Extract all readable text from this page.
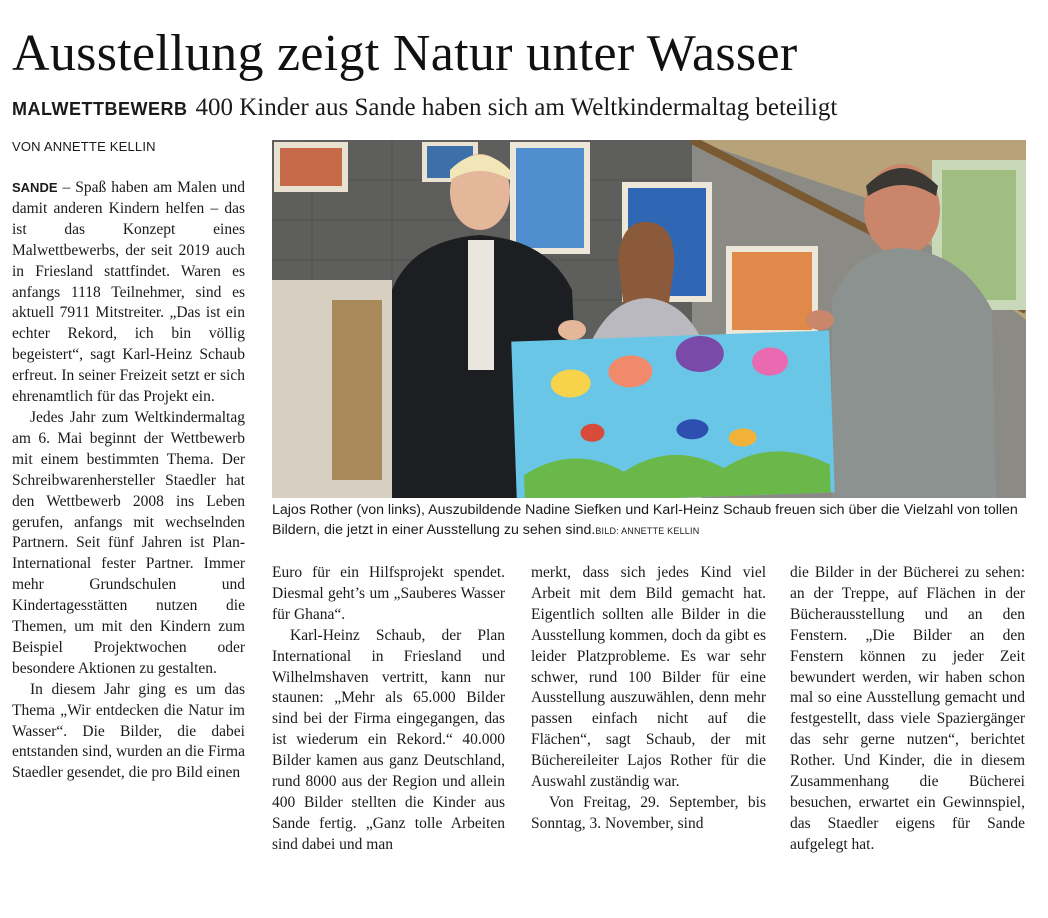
Ausstellung zeigt Natur unter Wasser
MALWETTBEWERB 400 Kinder aus Sande haben sich am Weltkindermaltag beteiligt
VON ANNETTE KELLIN

SANDE – Spaß haben am Malen und damit anderen Kindern helfen – das ist das Konzept eines Malwettbewerbs, der seit 2019 auch in Friesland stattfindet. Waren es anfangs 1118 Teilnehmer, sind es aktuell 7911 Mitstreiter. „Das ist ein echter Rekord, ich bin völlig begeistert“, sagt Karl-Heinz Schaub erfreut. In seiner Freizeit setzt er sich ehrenamtlich für das Projekt ein.

Jedes Jahr zum Weltkindermaltag am 6. Mai beginnt der Wettbewerb mit einem bestimmten Thema. Der Schreibwarenhersteller Staedler hat den Wettbewerb 2008 ins Leben gerufen, anfangs mit wechselnden Partnern. Seit fünf Jahren ist Plan-International fester Partner. Immer mehr Grundschulen und Kindertagesstätten nutzen die Themen, um mit den Kindern zum Beispiel Projektwochen oder besondere Aktionen zu gestalten.

In diesem Jahr ging es um das Thema „Wir entdecken die Natur im Wasser“. Die Bilder, die dabei entstanden sind, wurden an die Firma Staedler gesendet, die pro Bild einen

Lajos Rother (von links), Auszubildende Nadine Siefken und Karl-Heinz Schaub freuen sich über die Vielzahl von tollen Bildern, die jetzt in einer Ausstellung zu sehen sind.BILD: ANNETTE KELLIN

Euro für ein Hilfsprojekt spendet. Diesmal geht’s um „Sauberes Wasser für Ghana“.

Karl-Heinz Schaub, der Plan International in Friesland und Wilhelmshaven vertritt, kann nur staunen: „Mehr als 65.000 Bilder sind bei der Firma eingegangen, das ist wiederum ein Rekord.“ 40.000 Bilder kamen aus ganz Deutschland, rund 8000 aus der Region und allein 400 Bilder stellten die Kinder aus Sande fertig. „Ganz tolle Arbeiten sind dabei und man

merkt, dass sich jedes Kind viel Arbeit mit dem Bild gemacht hat. Eigentlich sollten alle Bilder in die Ausstellung kommen, doch da gibt es leider Platzprobleme. Es war sehr schwer, rund 100 Bilder für eine Ausstellung auszuwählen, denn mehr passen einfach nicht auf die Flächen“, sagt Schaub, der mit Büchereileiter Lajos Rother für die Auswahl zuständig war.

Von Freitag, 29. September, bis Sonntag, 3. November, sind

die Bilder in der Bücherei zu sehen: an der Treppe, auf Flächen in der Bücherausstellung und an den Fenstern. „Die Bilder an den Fenstern können zu jeder Zeit bewundert werden, wir haben schon mal so eine Ausstellung gemacht und festgestellt, dass viele Spaziergänger das sehr gerne nutzen“, berichtet Rother. Und Kinder, die in diesem Zusammenhang die Bücherei besuchen, erwartet ein Gewinnspiel, das Staedler eigens für Sande aufgelegt hat.
